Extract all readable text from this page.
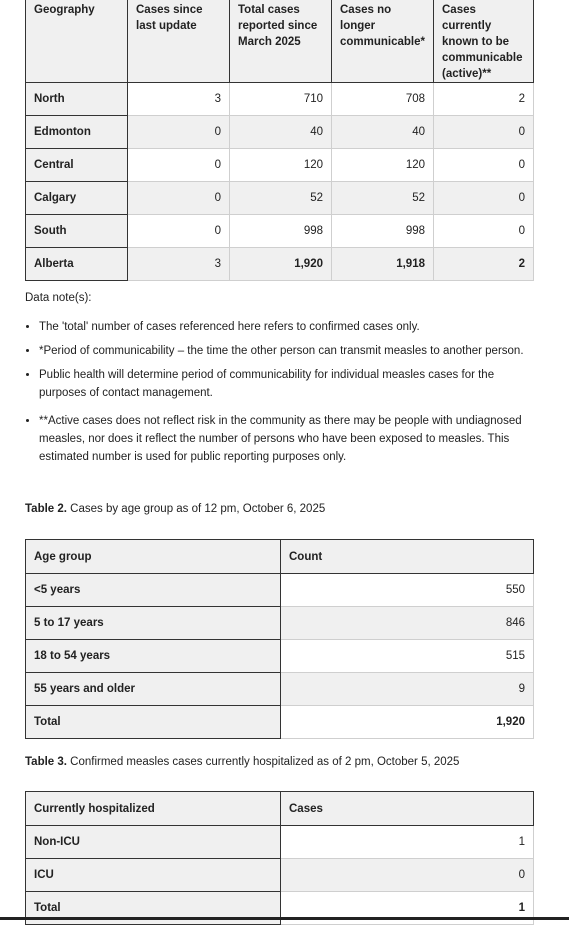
Geography	Cases since last update	Total cases reported since March 2025	Cases no longer communicable*	Cases currently known to be communicable (active)**
North	3	710	708	2
Edmonton	0	40	40	0
Central	0	120	120	0
Calgary	0	52	52	0
South	0	998	998	0
Alberta	3	1,920	1,918	2
Data note(s):
• The 'total' number of cases referenced here refers to confirmed cases only.
• *Period of communicability – the time the other person can transmit measles to another person.
• Public health will determine period of communicability for individual measles cases for the purposes of contact management.
• **Active cases does not reflect risk in the community as there may be people with undiagnosed measles, nor does it reflect the number of persons who have been exposed to measles. This estimated number is used for public reporting purposes only.
Table 2. Cases by age group as of 12 pm, October 6, 2025
Age group	Count
<5 years	550
5 to 17 years	846
18 to 54 years	515
55 years and older	9
Total	1,920
Table 3. Confirmed measles cases currently hospitalized as of 2 pm, October 5, 2025
Currently hospitalized	Cases
Non-ICU	1
ICU	0
Total	1
